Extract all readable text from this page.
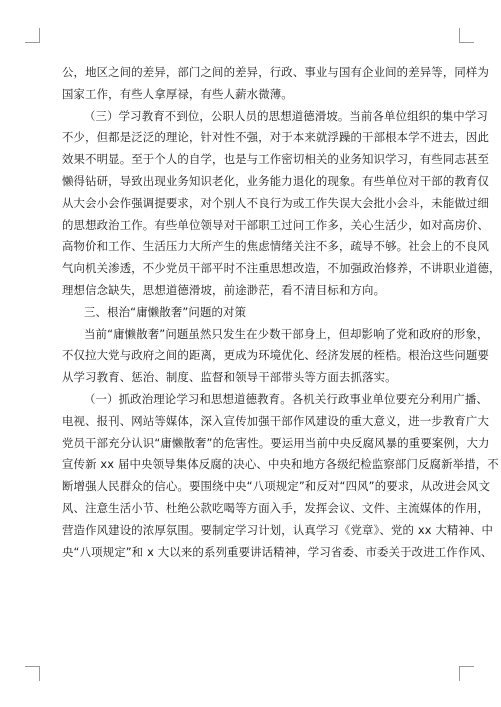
公，地区之间的差异，部门之间的差异，行政、事业与国有企业间的差异等，同样为
国家工作，有些人拿厚禄，有些人薪水微薄。
（三）学习教育不到位，公职人员的思想道德滑坡。当前各单位组织的集中学习
不少，但都是泛泛的理论，针对性不强，对于本来就浮躁的干部根本学不进去，因此
效果不明显。至于个人的自学，也是与工作密切相关的业务知识学习，有些同志甚至
懒得钻研，导致出现业务知识老化，业务能力退化的现象。有些单位对干部的教育仅
从大会小会作强调提要求，对个别人不良行为或工作失误大会批小会斗，未能做过细
的思想政治工作。有些单位领导对干部职工过问工作多，关心生活少，如对高房价、
高物价和工作、生活压力大所产生的焦虑情绪关注不多，疏导不够。社会上的不良风
气向机关渗透，不少党员干部平时不注重思想改造，不加强政治修养，不讲职业道德，
理想信念缺失，思想道德滑坡，前途渺茫，看不清目标和方向。
三、根治“庸懒散奢”问题的对策
当前“庸懒散奢”问题虽然只发生在少数干部身上，但却影响了党和政府的形象，
不仅拉大党与政府之间的距离，更成为环境优化、经济发展的桎梏。根治这些问题要
从学习教育、惩治、制度、监督和领导干部带头等方面去抓落实。
（一）抓政治理论学习和思想道德教育。各机关行政事业单位要充分利用广播、
电视、报刊、网站等媒体，深入宣传加强干部作风建设的重大意义，进一步教育广大
党员干部充分认识“庸懒散奢”的危害性。要运用当前中央反腐风暴的重要案例，大力
宣传新 xx 届中央领导集体反腐的决心、中央和地方各级纪检监察部门反腐新举措，不
断增强人民群众的信心。要围绕中央“八项规定”和反对“四风”的要求，从改进会风文
风、注意生活小节、杜绝公款吃喝等方面入手，发挥会议、文件、主流媒体的作用，
营造作风建设的浓厚氛围。要制定学习计划，认真学习《党章》、党的 xx 大精神、中
央“八项规定”和 x 大以来的系列重要讲话精神，学习省委、市委关于改进工作作风、
